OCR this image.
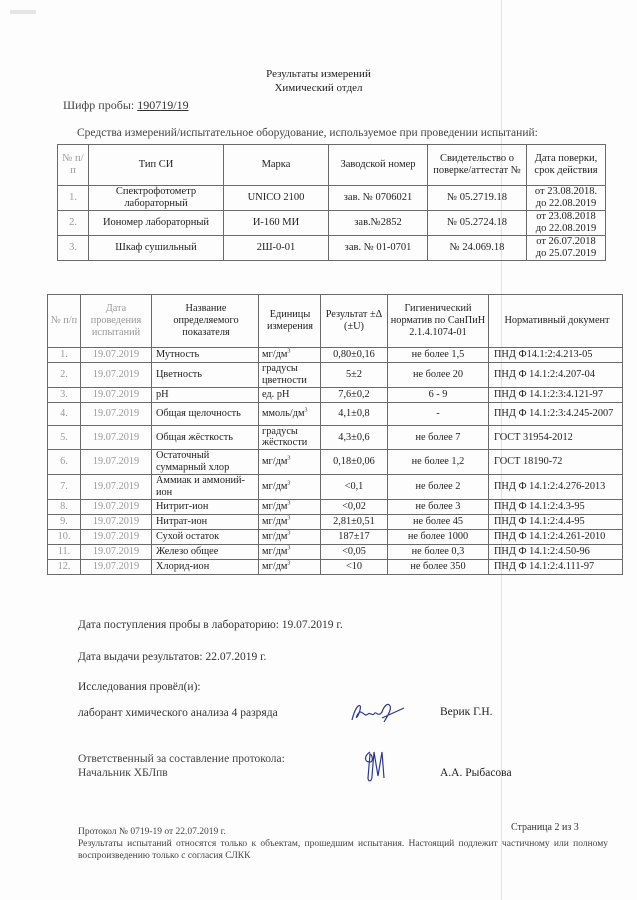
Результаты измерений
Химический отдел
Шифр пробы: 190719/19
Средства измерений/испытательное оборудование, используемое при проведении испытаний:
№ п/п	Тип СИ	Марка	Заводской номер	Свидетельство о поверке/аттестат №	Дата поверки, срок действия
1.	Спектрофотометр лабораторный	UNICO 2100	зав. № 0706021	№ 05.2719.18	от 23.08.2018.
до 22.08.2019

2.	Иономер лабораторный	И-160 МИ	зав.№2852	№ 05.2724.18	от 23.08.2018
до 22.08.2019

3.	Шкаф сушильный	2Ш-0-01	зав. № 01-0701	№ 24.069.18	от 26.07.2018
до 25.07.2019
№ п/п	Дата проведения испытаний	Название определяемого показателя	Единицы измерения	Результат ±Δ (±U)	Гигиенический норматив по СанПиН 2.1.4.1074-01	Нормативный документ
1.	19.07.2019	Мутность	$мг/дм^3$	0,80±0,16	не более 1,5	ПНД Ф14.1:2:4.213-05
2.	19.07.2019	Цветность	градусы цветности	5±2	не более 20	ПНД Ф 14.1:2:4.207-04
3.	19.07.2019	pH	ед. pH	7,6±0,2	6 - 9	ПНД Ф 14.1:2:3:4.121-97
4.	19.07.2019	Общая щелочность	ммоль/$дм^3$	4,1±0,8	-	ПНД Ф 14.1:2:3:4.245-2007
5.	19.07.2019	Общая жёсткость	градусы жёсткости	4,3±0,6	не более 7	ГОСТ 31954-2012
6.	19.07.2019	Остаточный суммарный хлор	$мг/дм^3$	0,18±0,06	не более 1,2	ГОСТ 18190-72
7.	19.07.2019	Аммиак и аммоний-ион	$мг/дм^3$	<0,1	не более 2	ПНД Ф 14.1:2:4.276-2013
8.	19.07.2019	Нитрит-ион	$мг/дм^3$	<0,02	не более 3	ПНД Ф 14.1:2:4.3-95
9.	19.07.2019	Нитрат-ион	$мг/дм^3$	2,81±0,51	не более 45	ПНД Ф 14.1:2:4.4-95
10.	19.07.2019	Сухой остаток	$мг/дм^3$	187±17	не более 1000	ПНД Ф 14.1:2:4.261-2010
11.	19.07.2019	Железо общее	$мг/дм^3$	<0,05	не более 0,3	ПНД Ф 14.1:2:4.50-96
12.	19.07.2019	Хлорид-ион	$мг/дм^3$	<10	не более 350	ПНД Ф 14.1:2:4.111-97
Дата поступления пробы в лабораторию: 19.07.2019 г.
Дата выдачи результатов: 22.07.2019 г.
Исследования провёл(и):
лаборант химического анализа 4 разряда	Верик Г.Н.
Ответственный за составление протокола:
Начальник ХБЛпв	А.А. Рыбасова
Страница 2 из 3
Протокол № 0719-19 от 22.07.2019 г.
Результаты испытаний относятся только к объектам, прошедшим испытания. Настоящий подлежит частичному или полному воспроизведению только с согласия СЛКК
